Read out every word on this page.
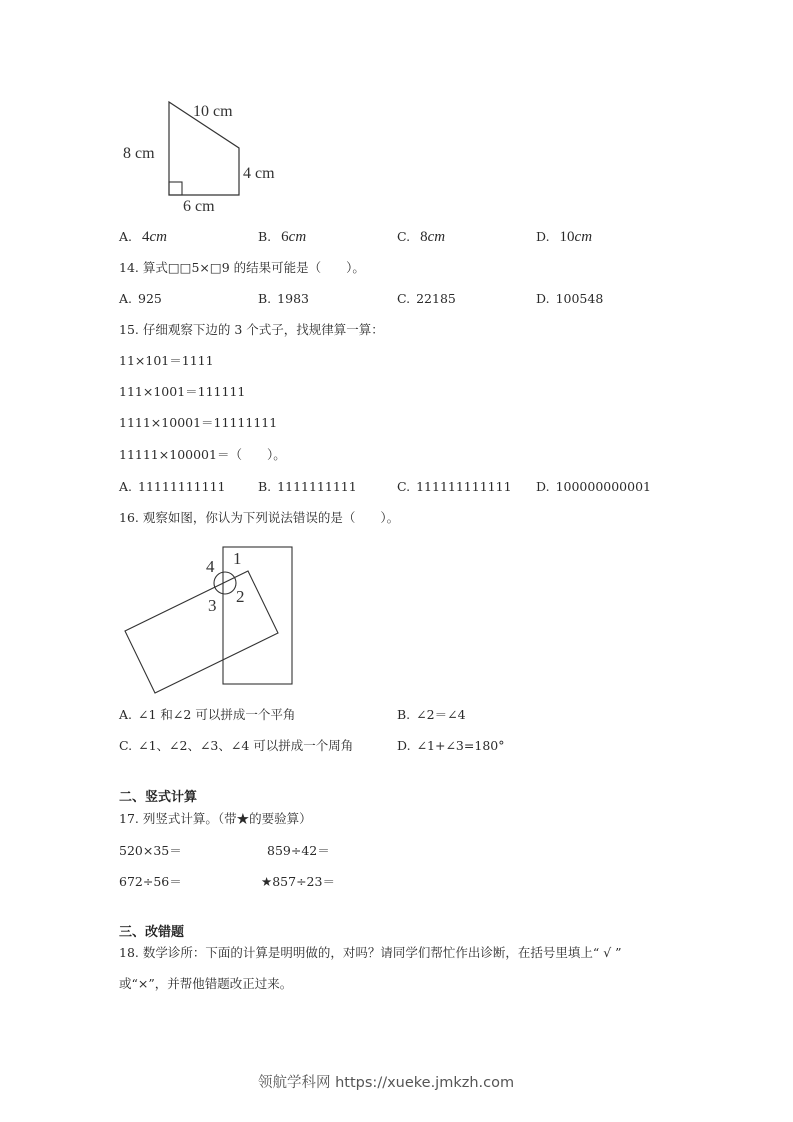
10 cm
8 cm
4 cm
6 cm
A. 4cm	B. 6cm	C. 8cm	D. 10cm
14. 算式□□5×□9 的结果可能是（　　）。
A. 925	B. 1983	C. 22185	D. 100548
15. 仔细观察下边的 3 个式子，找规律算一算：
11×101＝1111
111×1001＝111111
1111×10001＝11111111
11111×100001＝（　　）。
A. 11111111111	B. 1111111111	C. 111111111111 D. 100000000001
16. 观察如图，你认为下列说法错误的是（　　）。
1
2
3
4
A. ∠1 和∠2 可以拼成一个平角	B. ∠2＝∠4
C. ∠1、∠2、∠3、∠4 可以拼成一个周角	D. ∠1+∠3=180°
二、竖式计算
17. 列竖式计算。（带★的要验算）
520×35＝	859÷42＝
672÷56＝	★857÷23＝
三、改错题
18. 数学诊所：下面的计算是明明做的，对吗？请同学们帮忙作出诊断，在括号里填上“ √ ”
或“×”，并帮他错题改正过来。
领航学科网 https://xueke.jmkzh.com
